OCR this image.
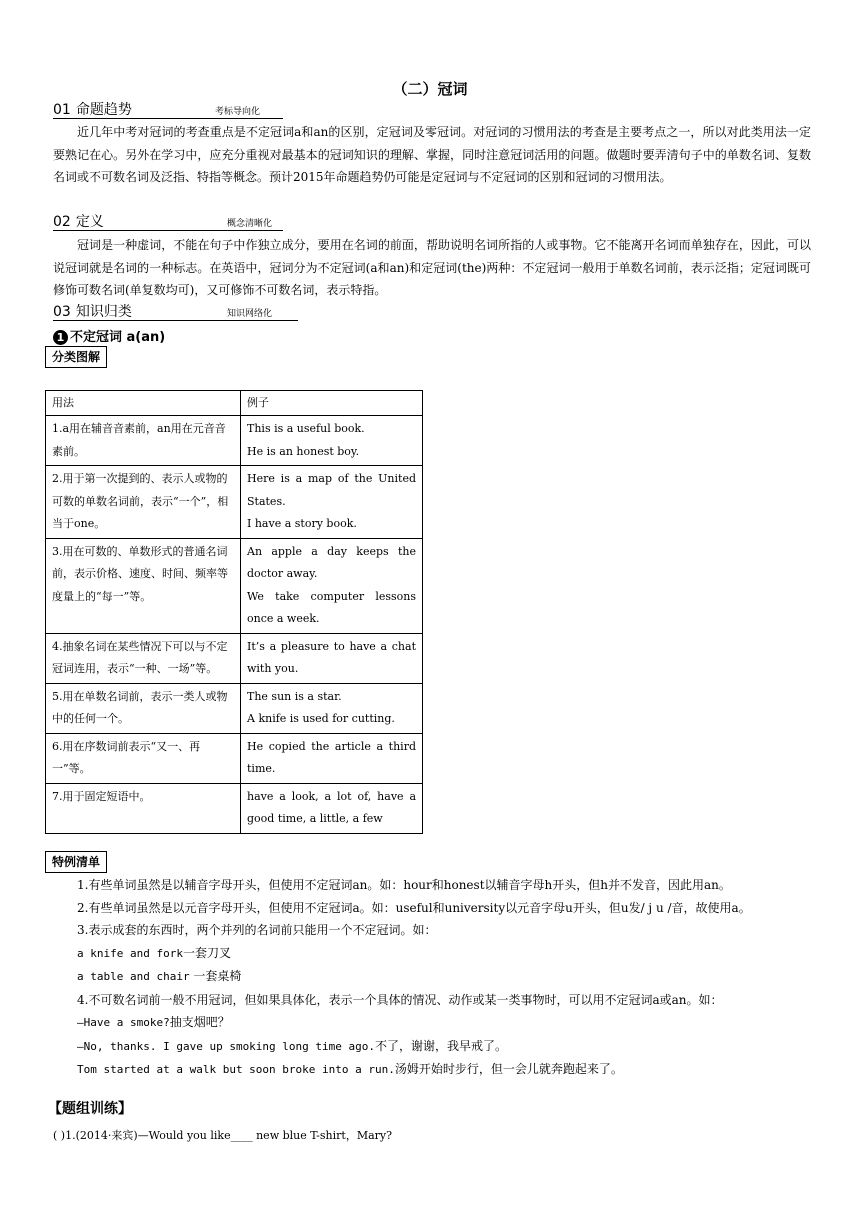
（二）冠词
01 命题趋势	考标导向化
近几年中考对冠词的考查重点是不定冠词a和an的区别，定冠词及零冠词。对冠词的习惯用法的考查是主要考点之一，所以对此类用法一定要熟记在心。另外在学习中，应充分重视对最基本的冠词知识的理解、掌握，同时注意冠词活用的问题。做题时要弄清句子中的单数名词、复数名词或不可数名词及泛指、特指等概念。预计2015年命题趋势仍可能是定冠词与不定冠词的区别和冠词的习惯用法。
02 定义	概念清晰化
冠词是一种虚词，不能在句子中作独立成分，要用在名词的前面，帮助说明名词所指的人或事物。它不能离开名词而单独存在，因此，可以说冠词就是名词的一种标志。在英语中，冠词分为不定冠词(a和an)和定冠词(the)两种：不定冠词一般用于单数名词前，表示泛指；定冠词既可修饰可数名词(单复数均可)，又可修饰不可数名词，表示特指。
03 知识归类	知识网络化
1 不定冠词 a(an)
分类图解
用法	例子
1.a用在辅音音素前，an用在元音音素前。	This is a useful book.
He is an honest boy.

2.用于第一次提到的、表示人或物的可数的单数名词前，表示“一个”，相当于one。	Here is a map of the United States.
I have a story book.

3.用在可数的、单数形式的普通名词前，表示价格、速度、时间、频率等度量上的“每一”等。	An apple a day keeps the doctor away.
We take computer lessons once a week.

4.抽象名词在某些情况下可以与不定冠词连用，表示“一种、一场”等。	It’s a pleasure to have a chat with you.

5.用在单数名词前，表示一类人或物中的任何一个。	The sun is a star.
A knife is used for cutting.

6.用在序数词前表示“又一、再一”等。	He copied the article a third time.

7.用于固定短语中。	have a look, a lot of, have a good time, a little, a few
特例清单
1.有些单词虽然是以辅音字母开头，但使用不定冠词an。如：hour和honest以辅音字母h开头，但h并不发音，因此用an。
2.有些单词虽然是以元音字母开头，但使用不定冠词a。如：useful和university以元音字母u开头，但u发/ j u /音，故使用a。
3.表示成套的东西时，两个并列的名词前只能用一个不定冠词。如：
a knife and fork一套刀叉
a table and chair 一套桌椅
4.不可数名词前一般不用冠词，但如果具体化，表示一个具体的情况、动作或某一类事物时，可以用不定冠词a或an。如：
—Have a smoke?抽支烟吧？
—No, thanks. I gave up smoking long time ago.不了，谢谢，我早戒了。
Tom started at a walk but soon broke into a run.汤姆开始时步行，但一会儿就奔跑起来了。
【题组训练】
( )1.(2014·来宾)—Would you like____ new blue T-shirt，Mary?
